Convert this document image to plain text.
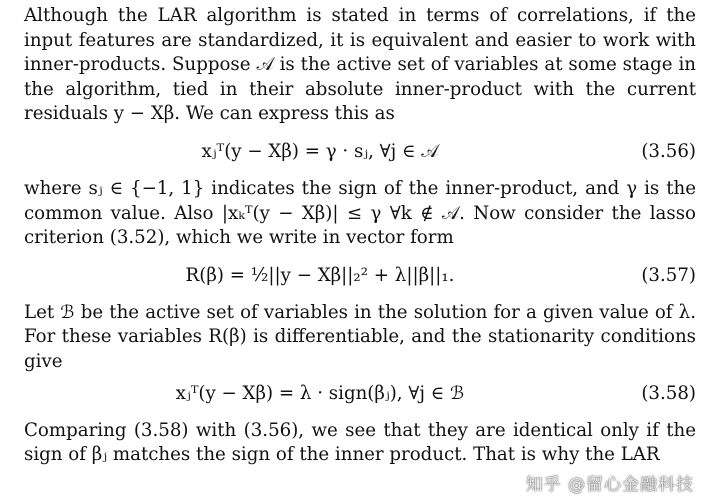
Although the LAR algorithm is stated in terms of correlations, if the input features are standardized, it is equivalent and easier to work with inner-products. Suppose 𝒜 is the active set of variables at some stage in the algorithm, tied in their absolute inner-product with the current residuals y − Xβ. We can express this as

xⱼᵀ(y − Xβ) = γ · sⱼ, ∀j ∈ 𝒜	(3.56)

where sⱼ ∈ {−1, 1} indicates the sign of the inner-product, and γ is the common value. Also |xₖᵀ(y − Xβ)| ≤ γ ∀k ∉ 𝒜. Now consider the lasso criterion (3.52), which we write in vector form

R(β) = ½||y − Xβ||₂² + λ||β||₁.	(3.57)

Let ℬ be the active set of variables in the solution for a given value of λ. For these variables R(β) is differentiable, and the stationarity conditions give

xⱼᵀ(y − Xβ) = λ · sign(βⱼ), ∀j ∈ ℬ	(3.58)

Comparing (3.58) with (3.56), we see that they are identical only if the sign of βⱼ matches the sign of the inner product. That is why the LAR

知乎 @留心金融科技
